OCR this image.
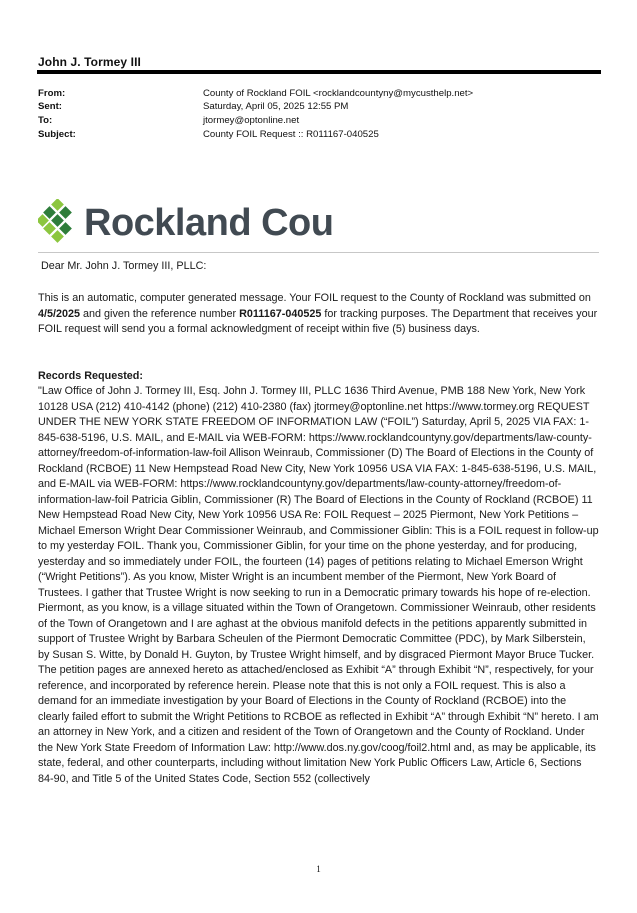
John J. Tormey III
From:	County of Rockland FOIL <rocklandcountyny@mycusthelp.net>
Sent:	Saturday, April 05, 2025 12:55 PM
To:	jtormey@optonline.net
Subject:	County FOIL Request :: R011167-040525
Rockland Cou
Dear Mr. John J. Tormey III, PLLC:

This is an automatic, computer generated message. Your FOIL request to the County of Rockland was submitted on 4/5/2025 and given the reference number R011167-040525 for tracking purposes. The Department that receives your FOIL request will send you a formal acknowledgment of receipt within five (5) business days.

Records Requested:
"Law Office of John J. Tormey III, Esq. John J. Tormey III, PLLC 1636 Third Avenue, PMB 188 New York, New York 10128 USA (212) 410-4142 (phone) (212) 410-2380 (fax) jtormey@optonline.net https://www.tormey.org REQUEST UNDER THE NEW YORK STATE FREEDOM OF INFORMATION LAW (“FOIL”) Saturday, April 5, 2025 VIA FAX: 1-845-638-5196, U.S. MAIL, and E-MAIL via WEB-FORM: https://www.rocklandcountyny.gov/departments/law-county-attorney/freedom-of-information-law-foil Allison Weinraub, Commissioner (D) The Board of Elections in the County of Rockland (RCBOE) 11 New Hempstead Road New City, New York 10956 USA VIA FAX: 1-845-638-5196, U.S. MAIL, and E-MAIL via WEB-FORM: https://www.rocklandcountyny.gov/departments/law-county-attorney/freedom-of-information-law-foil Patricia Giblin, Commissioner (R) The Board of Elections in the County of Rockland (RCBOE) 11 New Hempstead Road New City, New York 10956 USA Re: FOIL Request – 2025 Piermont, New York Petitions – Michael Emerson Wright Dear Commissioner Weinraub, and Commissioner Giblin: This is a FOIL request in follow-up to my yesterday FOIL. Thank you, Commissioner Giblin, for your time on the phone yesterday, and for producing, yesterday and so immediately under FOIL, the fourteen (14) pages of petitions relating to Michael Emerson Wright (“Wright Petitions”). As you know, Mister Wright is an incumbent member of the Piermont, New York Board of Trustees. I gather that Trustee Wright is now seeking to run in a Democratic primary towards his hope of re-election. Piermont, as you know, is a village situated within the Town of Orangetown. Commissioner Weinraub, other residents of the Town of Orangetown and I are aghast at the obvious manifold defects in the petitions apparently submitted in support of Trustee Wright by Barbara Scheulen of the Piermont Democratic Committee (PDC), by Mark Silberstein, by Susan S. Witte, by Donald H. Guyton, by Trustee Wright himself, and by disgraced Piermont Mayor Bruce Tucker. The petition pages are annexed hereto as attached/enclosed as Exhibit “A” through Exhibit “N”, respectively, for your reference, and incorporated by reference herein. Please note that this is not only a FOIL request. This is also a demand for an immediate investigation by your Board of Elections in the County of Rockland (RCBOE) into the clearly failed effort to submit the Wright Petitions to RCBOE as reflected in Exhibit “A” through Exhibit “N” hereto. I am an attorney in New York, and a citizen and resident of the Town of Orangetown and the County of Rockland. Under the New York State Freedom of Information Law: http://www.dos.ny.gov/coog/foil2.html and, as may be applicable, its state, federal, and other counterparts, including without limitation New York Public Officers Law, Article 6, Sections 84-90, and Title 5 of the United States Code, Section 552 (collectively
1
